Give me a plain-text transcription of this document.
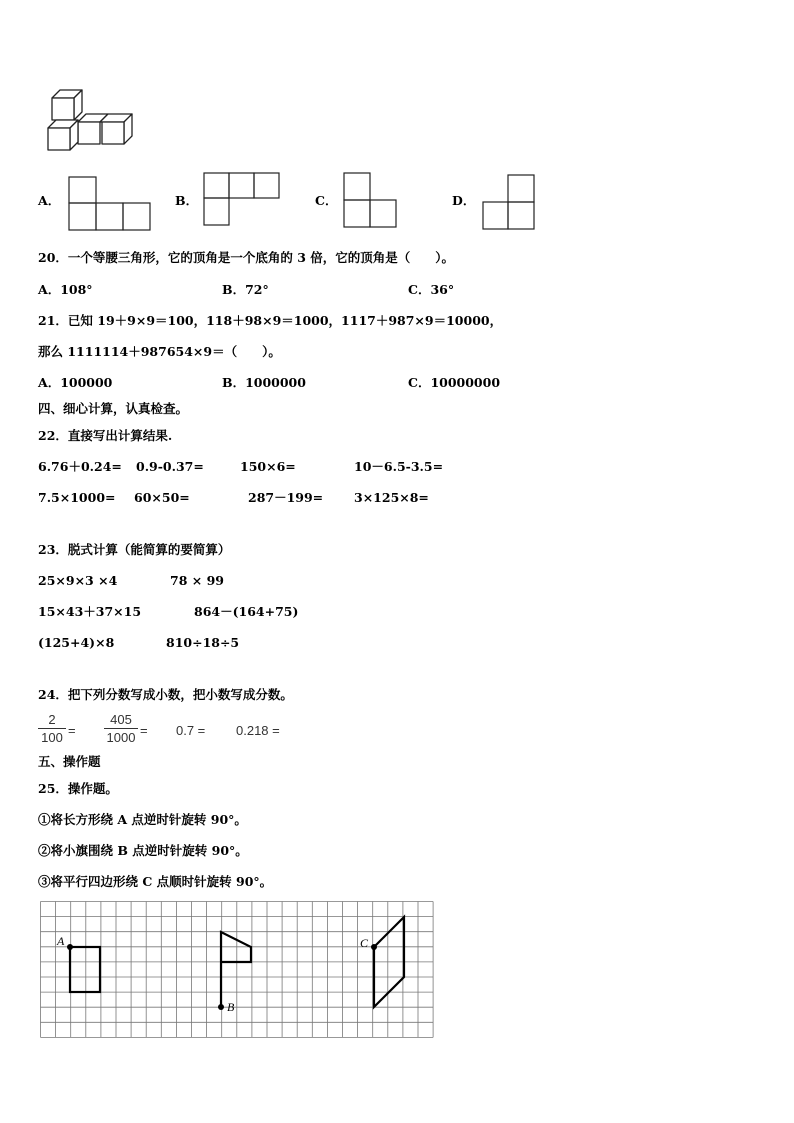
A．	B．	C．	D．
20．一个等腰三角形，它的顶角是一个底角的 3 倍，它的顶角是（　　）。
A．108°	B．72°	C．36°
21．已知 19＋9×9＝100，118＋98×9＝1000，1117＋987×9＝10000，
那么 1111114＋987654×9＝（　　）。
A．100000	B．1000000	C．10000000
四、细心计算，认真检查。
22．直接写出计算结果.
6.76＋0.24= 0.9-0.37=	150×6=	10－6.5-3.5=
7.5×1000= 60×50=	287－199= 3×125×8=
23．脱式计算（能简算的要简算）
25×9×3 ×4	78 × 99
15×43＋37×15	864－(164+75)
(125+4)×8	810÷18÷5
24．把下列分数写成小数，把小数写成分数。
2
100 =
405
1000 = 0.7 = 0.218 =
五、操作题
25．操作题。
①将长方形绕 A 点逆时针旋转 90°。
②将小旗围绕 B 点逆时针旋转 90°。
③将平行四边形绕 C 点顺时针旋转 90°。
A
B
C
